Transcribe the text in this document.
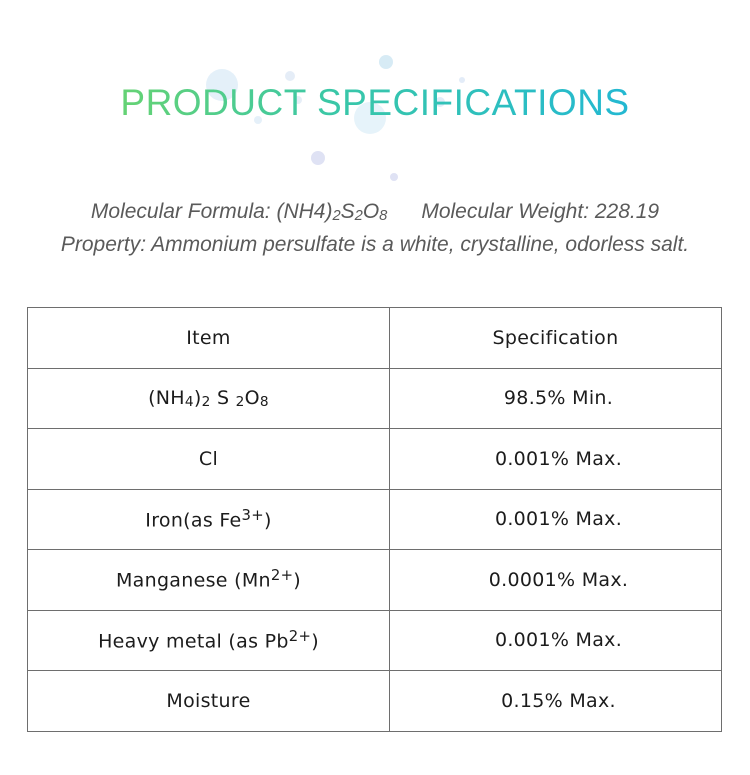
PRODUCT SPECIFICATIONS
Molecular Formula: (NH4)2S2O8 Molecular Weight: 228.19
Property: Ammonium persulfate is a white, crystalline, odorless salt.
Item	Specification
(NH4)2 S 2O8	98.5% Min.
Cl	0.001% Max.
Iron(as $Fe^{3+}$)	0.001% Max.
Manganese $(Mn^{2+})$	0.0001% Max.
Heavy metal (as $Pb^{2+}$)	0.001% Max.
Moisture	0.15% Max.
